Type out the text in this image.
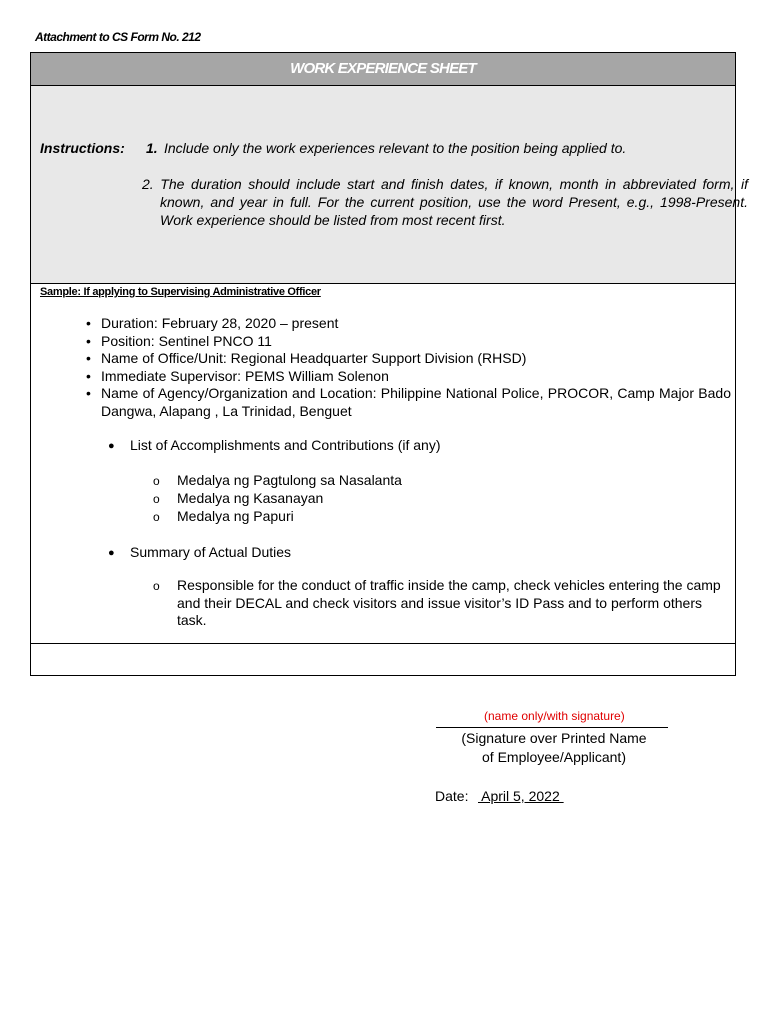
Attachment to CS Form No. 212
WORK EXPERIENCE SHEET
Instructions: 1. Include only the work experiences relevant to the position being applied to.
2. The duration should include start and finish dates, if known, month in abbreviated form, if known, and year in full. For the current position, use the word Present, e.g., 1998-Present. Work experience should be listed from most recent first.
Sample: If applying to Supervising Administrative Officer
• Duration: February 28, 2020 – present
• Position: Sentinel PNCO 11
• Name of Office/Unit: Regional Headquarter Support Division (RHSD)
• Immediate Supervisor: PEMS William Solenon
• Name of Agency/Organization and Location: Philippine National Police, PROCOR, Camp Major Bado Dangwa, Alapang , La Trinidad, Benguet
● List of Accomplishments and Contributions (if any)
o Medalya ng Pagtulong sa Nasalanta
o Medalya ng Kasanayan
o Medalya ng Papuri
● Summary of Actual Duties
o Responsible for the conduct of traffic inside the camp, check vehicles entering the camp and their DECAL and check visitors and issue visitor’s ID Pass and to perform others task.
(name only/with signature)
(Signature over Printed Name
of Employee/Applicant)
Date: April 5, 2022
